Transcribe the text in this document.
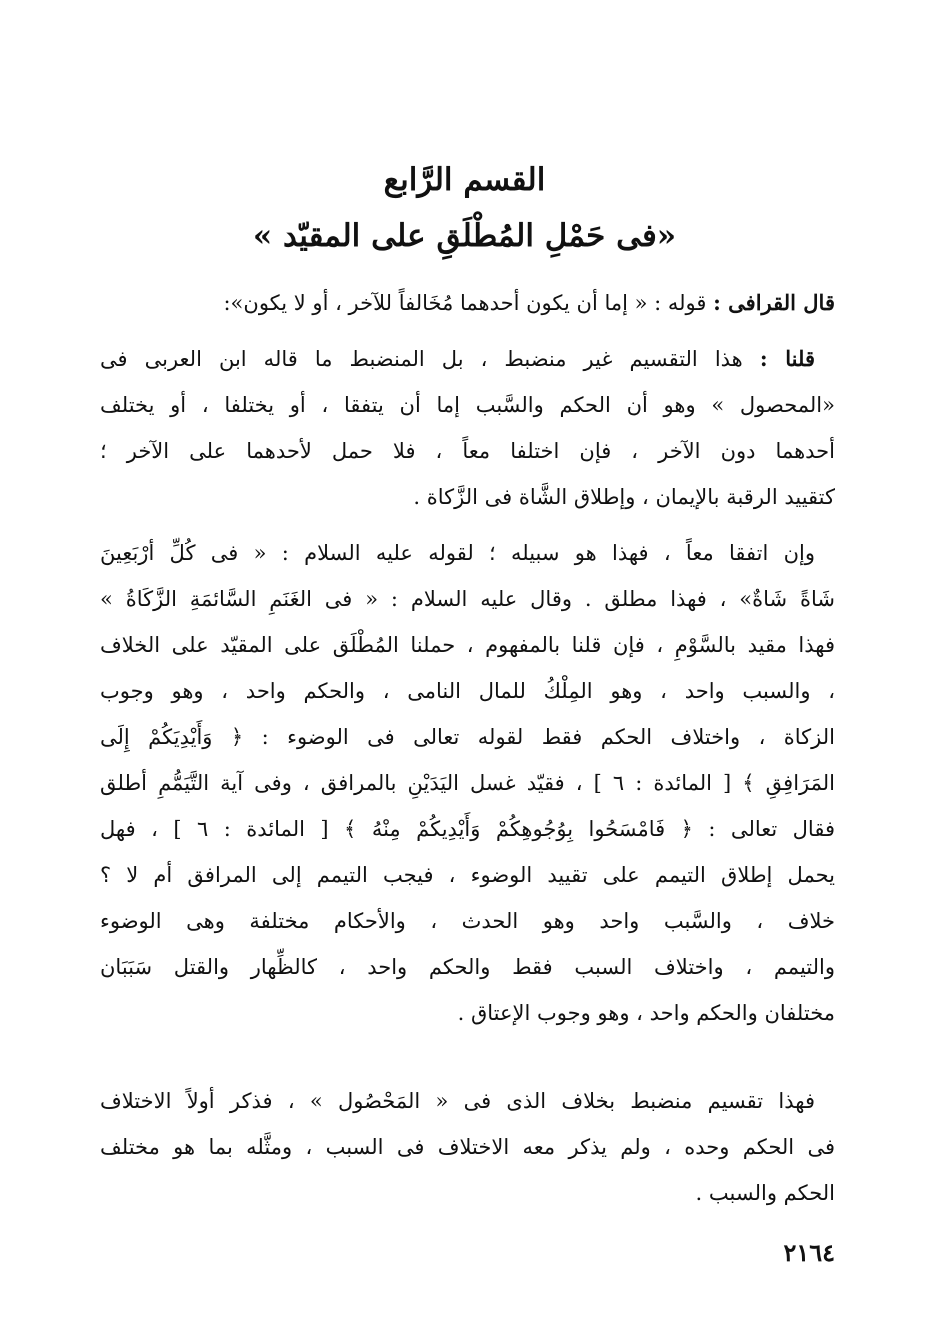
القسم الرَّابع
«فى حَمْلِ المُطْلَقِ على المقيّد »
قال القرافى : قوله : « إما أن يكون أحدهما مُخَالفاً للآخر ، أو لا يكون»:
قلنا : هذا التقسيم غير منضبط ، بل المنضبط ما قاله ابن العربى فى
«المحصول » وهو أن الحكم والسَّبب إما أن يتفقا ، أو يختلفا ، أو يختلف
أحدهما دون الآخر ، فإن اختلفا معاً ، فلا حمل لأحدهما على الآخر ؛
كتقييد الرقبة بالإيمان ، وإطلاق الشَّاة فى الزَّكاة .
وإن اتفقا معاً ، فهذا هو سبيله ؛ لقوله عليه السلام : « فى كُلِّ أرْبَعِينَ
شَاةً شَاةٌ» ، فهذا مطلق . وقال عليه السلام : « فى الغَنَمِ السَّائمَةِ الزَّكَاةُ »
فهذا مقيد بالسَّوْمِ ، فإن قلنا بالمفهوم ، حملنا المُطْلَق على المقيّد على الخلاف
، والسبب واحد ، وهو المِلْكُ للمال النامى ، والحكم واحد ، وهو وجوب
الزكاة ، واختلاف الحكم فقط لقوله تعالى فى الوضوء : ﴿ وَأَيْدِيَكُمْ إِلَى
المَرَافِقِ ﴾ [ المائدة : ٦ ] ، فقيّد غسل اليَدَيْنِ بالمرافق ، وفى آية التَّيَمُّمِ أطلق
فقال تعالى : ﴿ فَامْسَحُوا بِوُجُوهِكُمْ وَأَيْدِيكُمْ مِنْهُ ﴾ [ المائدة : ٦ ] ، فهل
يحمل إطلاق التيمم على تقييد الوضوء ، فيجب التيمم إلى المرافق أم لا ؟
خلاف ، والسَّبب واحد وهو الحدث ، والأحكام مختلفة وهى الوضوء
والتيمم ، واختلاف السبب فقط والحكم واحد ، كالظِّهار والقتل سَبَبَان
مختلفان والحكم واحد ، وهو وجوب الإعتاق .
فهذا تقسيم منضبط بخلاف الذى فى « المَحْصُول » ، فذكر أولاً الاختلاف
فى الحكم وحده ، ولم يذكر معه الاختلاف فى السبب ، ومثَّله بما هو مختلف
الحكم والسبب .
٢١٦٤
